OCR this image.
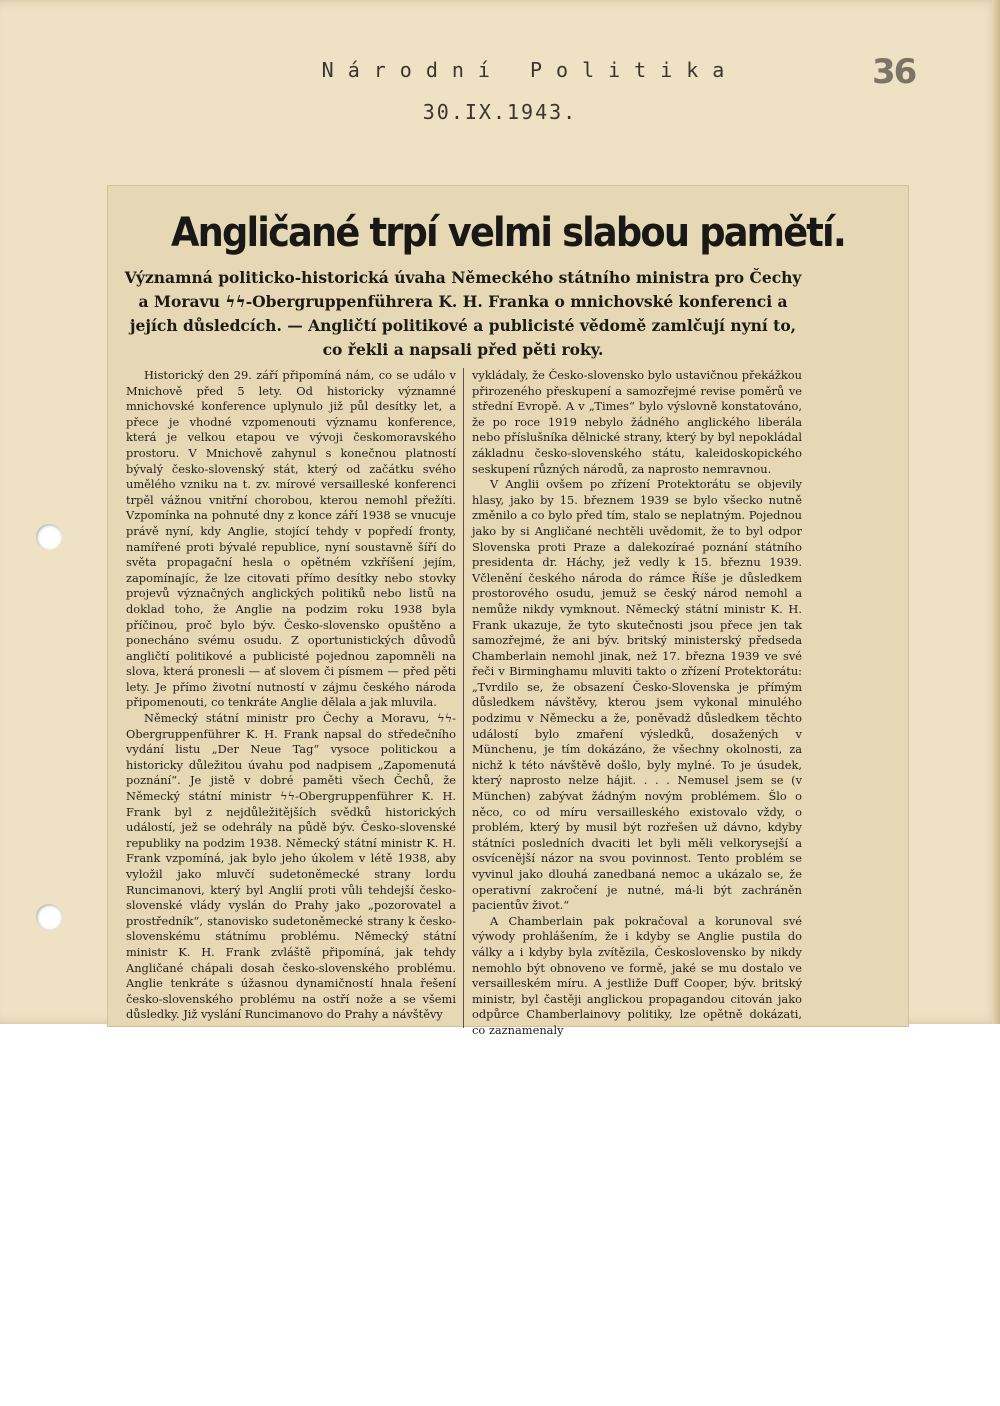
Národní Politika
30.IX.1943.
36
Angličané trpí velmi slabou pamětí.
Významná politicko-historická úvaha Německého státního ministra pro Čechy a Moravu ϟϟ-Obergruppenführera K. H. Franka o mnichovské konferenci a jejích důsledcích. — Angličtí politikové a publicisté vědomě zamlčují nyní to, co řekli a napsali před pěti roky.

Historický den 29. září připomíná nám, co se událo v Mnichově před 5 lety. Od historicky významné mnichovské konference uplynulo již půl desítky let, a přece je vhodné vzpomenouti významu konference, která je velkou etapou ve vývoji českomoravského prostoru. V Mnichově zahynul s konečnou platností bývalý česko-slovenský stát, který od začátku svého umělého vzniku na t. zv. mírové versailleské konferenci trpěl vážnou vnitřní chorobou, kterou nemohl přežíti. Vzpomínka na pohnuté dny z konce září 1938 se vnucuje právě nyní, kdy Anglie, stojící tehdy v popředí fronty, namířené proti bývalé republice, nyní soustavně šíří do světa propagační hesla o opětném vzkříšení jejím, zapomínajíc, že lze citovati přímo desítky nebo stovky projevů význačných anglických politiků nebo listů na doklad toho, že Anglie na podzim roku 1938 byla příčinou, proč bylo býv. Česko-slovensko opuštěno a ponecháno svému osudu. Z oportunistických důvodů angličtí politikové a publicisté pojednou zapomněli na slova, která pronesli — ať slovem či písmem — před pěti lety. Je přímo životní nutností v zájmu českého národa připomenouti, co tenkráte Anglie dělala a jak mluvila.

Německý státní ministr pro Čechy a Moravu, ϟϟ-Obergruppenführer K. H. Frank napsal do středečního vydání listu „Der Neue Tag“ vysoce politickou a historicky důležitou úvahu pod nadpisem „Zapomenutá poznání“. Je jistě v dobré paměti všech Čechů, že Německý státní ministr ϟϟ-Obergruppenführer K. H. Frank byl z nejdůležitějších svědků historických událostí, jež se odehrály na půdě býv. Česko-slovenské republiky na podzim 1938. Německý státní ministr K. H. Frank vzpomíná, jak bylo jeho úkolem v létě 1938, aby vyložil jako mluvčí sudetoněmecké strany lordu Runcimanovi, který byl Anglií proti vůli tehdejší česko-slovenské vlády vyslán do Prahy jako „pozorovatel a prostředník“, stanovisko sudetoněmecké strany k česko-slovenskému státnímu problému. Německý státní ministr K. H. Frank zvláště připomíná, jak tehdy Angličané chápali dosah česko-slovenského problému. Anglie tenkráte s úžasnou dynamičností hnala řešení česko-slovenského problému na ostří nože a se všemi důsledky. Již vyslání Runcimanovo do Prahy a návštěvy

vykládaly, že Česko-slovensko bylo ustavičnou překážkou přirozeného přeskupení a samozřejmé revise poměrů ve střední Evropě. A v „Times“ bylo výslovně konstatováno, že po roce 1919 nebylo žádného anglického liberála nebo příslušníka dělnické strany, který by byl nepokládal základnu česko-slovenského státu, kaleidoskopického seskupení různých národů, za naprosto nemravnou.

V Anglii ovšem po zřízení Protektorátu se objevily hlasy, jako by 15. březnem 1939 se bylo všecko nutně změnilo a co bylo před tím, stalo se neplatným. Pojednou jako by si Angličané nechtěli uvědomit, že to byl odpor Slovenska proti Praze a dalekozíraé poznání státního presidenta dr. Háchy, jež vedly k 15. březnu 1939. Včlenění českého národa do rámce Říše je důsledkem prostorového osudu, jemuž se český národ nemohl a nemůže nikdy vymknout. Německý státní ministr K. H. Frank ukazuje, že tyto skutečnosti jsou přece jen tak samozřejmé, že ani býv. britský ministerský předseda Chamberlain nemohl jinak, než 17. března 1939 ve své řeči v Birminghamu mluviti takto o zřízení Protektorátu: „Tvrdilo se, že obsazení Česko-Slovenska je přímým důsledkem návštěvy, kterou jsem vykonal minulého podzimu v Německu a že, poněvadž důsledkem těchto událostí bylo zmaření výsledků, dosažených v Münchenu, je tím dokázáno, že všechny okolnosti, za nichž k této návštěvě došlo, byly mylné. To je úsudek, který naprosto nelze hájit. . . . Nemusel jsem se (v München) zabývat žádným novým problémem. Šlo o něco, co od míru versailleského existovalo vždy, o problém, který by musil být rozřešen už dávno, kdyby státníci posledních dvaciti let byli měli velkorysejší a osvícenější názor na svou povinnost. Tento problém se vyvinul jako dlouhá zanedbaná nemoc a ukázalo se, že operativní zakročení je nutné, má-li být zachráněn pacientův život.“

A Chamberlain pak pokračoval a korunoval své výwody prohlášením, že i kdyby se Anglie pustila do války a i kdyby byla zvítězila, Československo by nikdy nemohlo být obnoveno ve formě, jaké se mu dostalo ve versailleském míru. A jestliže Duff Cooper, býv. britský ministr, byl častěji anglickou propagandou citován jako odpůrce Chamberlainovy politiky, lze opětně dokázati, co zaznamenaly
